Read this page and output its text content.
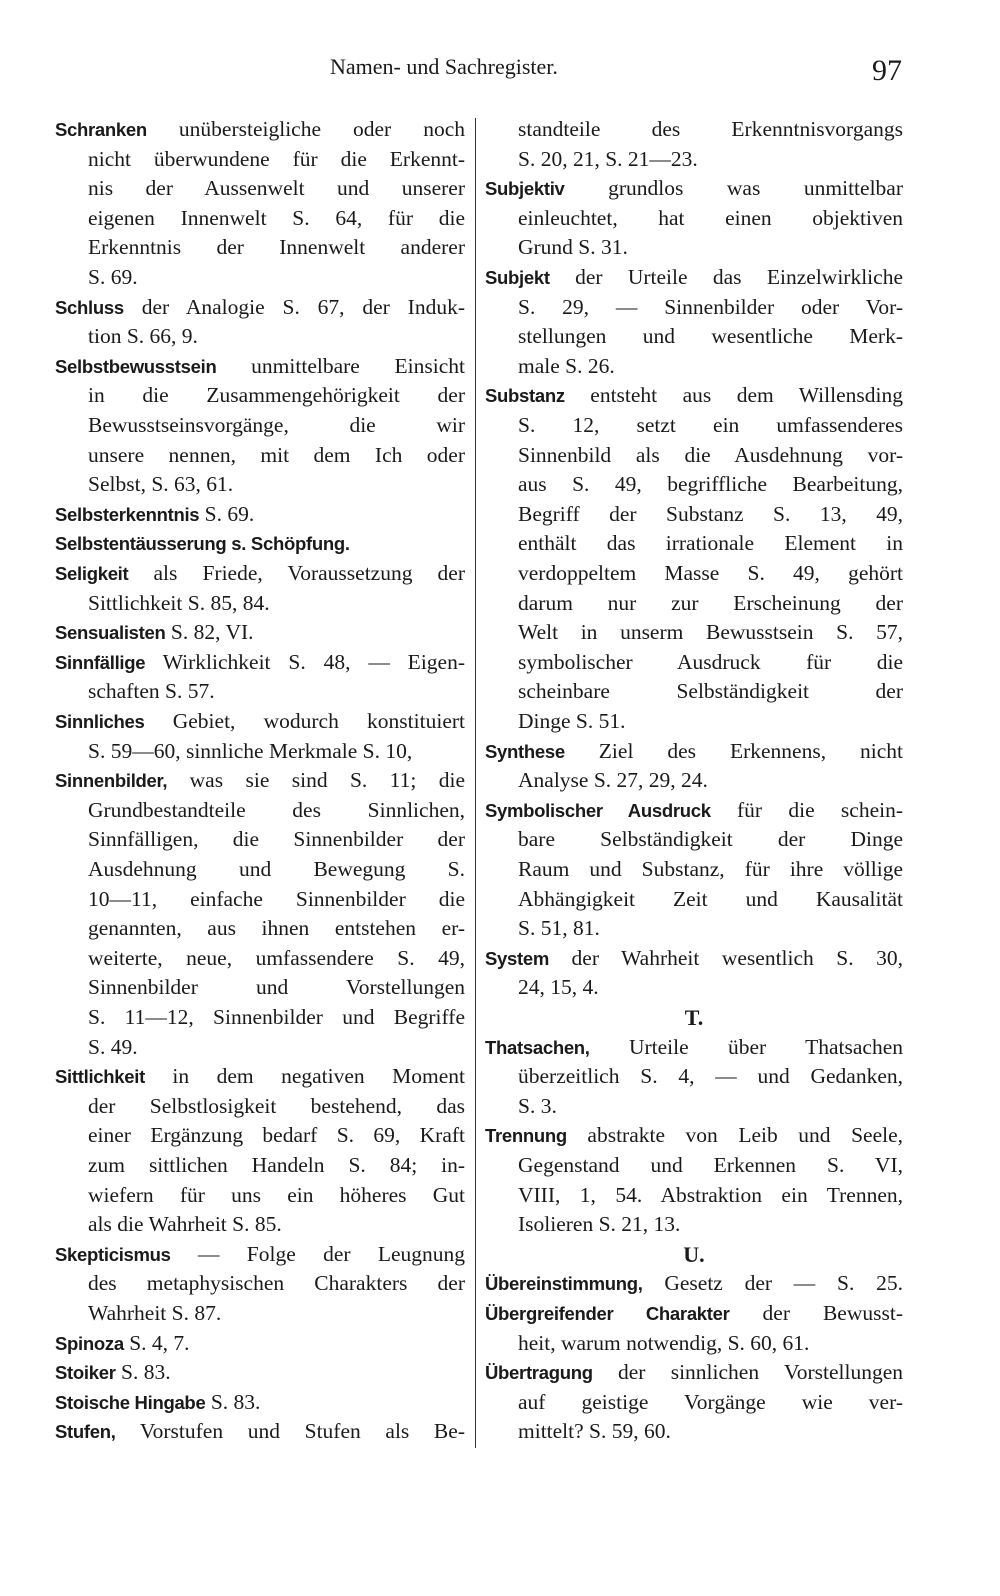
Namen- und Sachregister.	97
Schranken unübersteigliche oder noch
nicht überwundene für die Erkennt-
nis der Aussenwelt und unserer
eigenen Innenwelt S. 64, für die
Erkenntnis der Innenwelt anderer
S. 69.
Schluss der Analogie S. 67, der Induk-
tion S. 66, 9.
Selbstbewusstsein unmittelbare Einsicht
in die Zusammengehörigkeit der
Bewusstseinsvorgänge, die wir
unsere nennen, mit dem Ich oder
Selbst, S. 63, 61.
Selbsterkenntnis S. 69.
Selbstentäusserung s. Schöpfung.
Seligkeit als Friede, Voraussetzung der
Sittlichkeit S. 85, 84.
Sensualisten S. 82, VI.
Sinnfällige Wirklichkeit S. 48, — Eigen-
schaften S. 57.
Sinnliches Gebiet, wodurch konstituiert
S. 59—60, sinnliche Merkmale S. 10,
Sinnenbilder, was sie sind S. 11; die
Grundbestandteile des Sinnlichen,
Sinnfälligen, die Sinnenbilder der
Ausdehnung und Bewegung S.
10—11, einfache Sinnenbilder die
genannten, aus ihnen entstehen er-
weiterte, neue, umfassendere S. 49,
Sinnenbilder und Vorstellungen
S. 11—12, Sinnenbilder und Begriffe
S. 49.
Sittlichkeit in dem negativen Moment
der Selbstlosigkeit bestehend, das
einer Ergänzung bedarf S. 69, Kraft
zum sittlichen Handeln S. 84; in-
wiefern für uns ein höheres Gut
als die Wahrheit S. 85.
Skepticismus — Folge der Leugnung
des metaphysischen Charakters der
Wahrheit S. 87.
Spinoza S. 4, 7.
Stoiker S. 83.
Stoische Hingabe S. 83.
Stufen, Vorstufen und Stufen als Be-
standteile des Erkenntnisvorgangs
S. 20, 21, S. 21—23.
Subjektiv grundlos was unmittelbar
einleuchtet, hat einen objektiven
Grund S. 31.
Subjekt der Urteile das Einzelwirkliche
S. 29, — Sinnenbilder oder Vor-
stellungen und wesentliche Merk-
male S. 26.
Substanz entsteht aus dem Willensding
S. 12, setzt ein umfassenderes
Sinnenbild als die Ausdehnung vor-
aus S. 49, begriffliche Bearbeitung,
Begriff der Substanz S. 13, 49,
enthält das irrationale Element in
verdoppeltem Masse S. 49, gehört
darum nur zur Erscheinung der
Welt in unserm Bewusstsein S. 57,
symbolischer Ausdruck für die
scheinbare Selbständigkeit der
Dinge S. 51.
Synthese Ziel des Erkennens, nicht
Analyse S. 27, 29, 24.
Symbolischer Ausdruck für die schein-
bare Selbständigkeit der Dinge
Raum und Substanz, für ihre völlige
Abhängigkeit Zeit und Kausalität
S. 51, 81.
System der Wahrheit wesentlich S. 30,
24, 15, 4.
T.
Thatsachen, Urteile über Thatsachen
überzeitlich S. 4, — und Gedanken,
S. 3.
Trennung abstrakte von Leib und Seele,
Gegenstand und Erkennen S. VI,
VIII, 1, 54. Abstraktion ein Trennen,
Isolieren S. 21, 13.
U.
Übereinstimmung, Gesetz der — S. 25.
Übergreifender Charakter der Bewusst-
heit, warum notwendig, S. 60, 61.
Übertragung der sinnlichen Vorstellungen
auf geistige Vorgänge wie ver-
mittelt? S. 59, 60.
